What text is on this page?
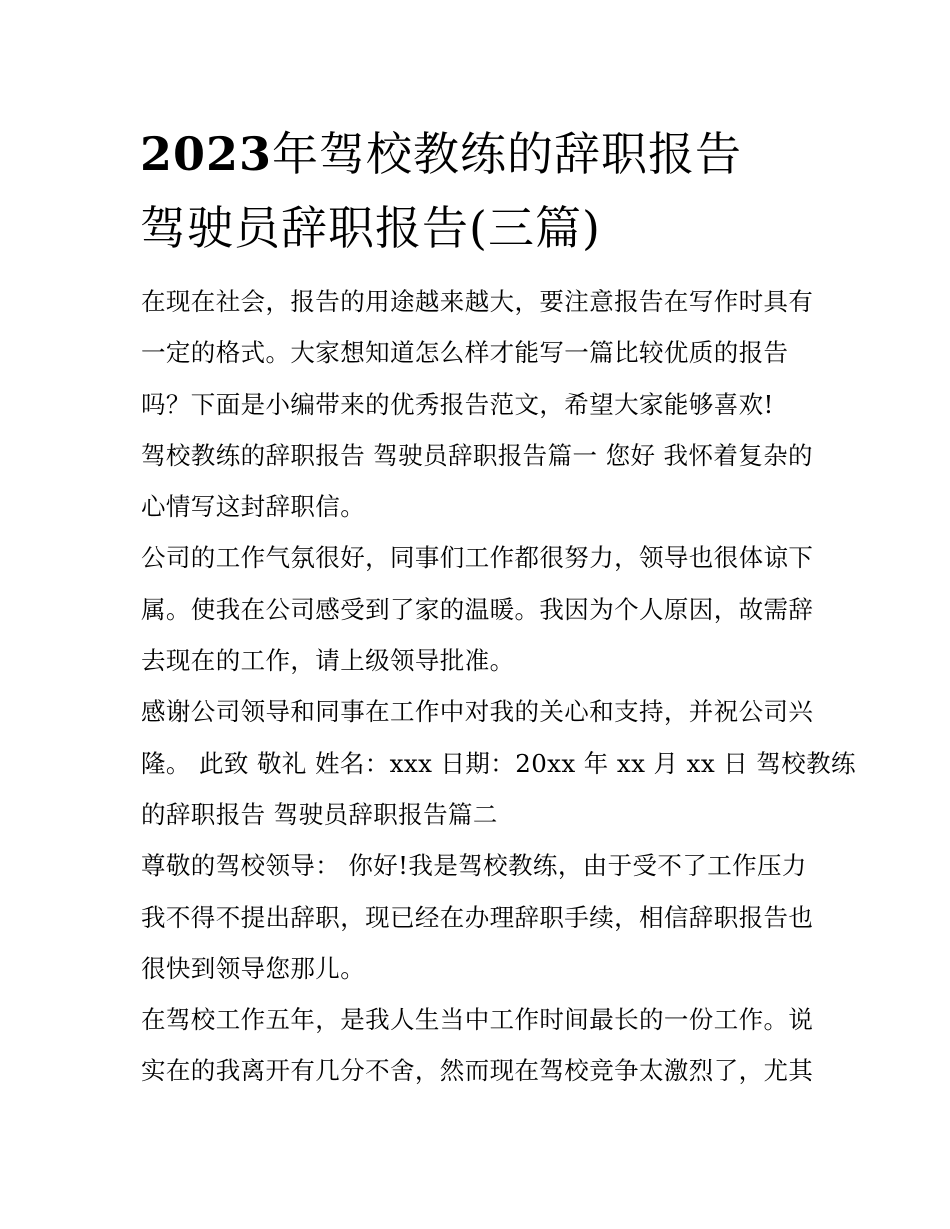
2023年驾校教练的辞职报告
驾驶员辞职报告(三篇)
在现在社会，报告的用途越来越大，要注意报告在写作时具有
一定的格式。大家想知道怎么样才能写一篇比较优质的报告
吗？下面是小编带来的优秀报告范文，希望大家能够喜欢!
驾校教练的辞职报告 驾驶员辞职报告篇一 您好 我怀着复杂的
心情写这封辞职信。
公司的工作气氛很好，同事们工作都很努力，领导也很体谅下
属。使我在公司感受到了家的温暖。我因为个人原因，故需辞
去现在的工作，请上级领导批准。
感谢公司领导和同事在工作中对我的关心和支持，并祝公司兴
隆。 此致 敬礼 姓名：xxx 日期：20xx 年 xx 月 xx 日 驾校教练
的辞职报告 驾驶员辞职报告篇二
尊敬的驾校领导： 你好!我是驾校教练，由于受不了工作压力
我不得不提出辞职，现已经在办理辞职手续，相信辞职报告也
很快到领导您那儿。
在驾校工作五年，是我人生当中工作时间最长的一份工作。说
实在的我离开有几分不舍，然而现在驾校竞争太激烈了，尤其
